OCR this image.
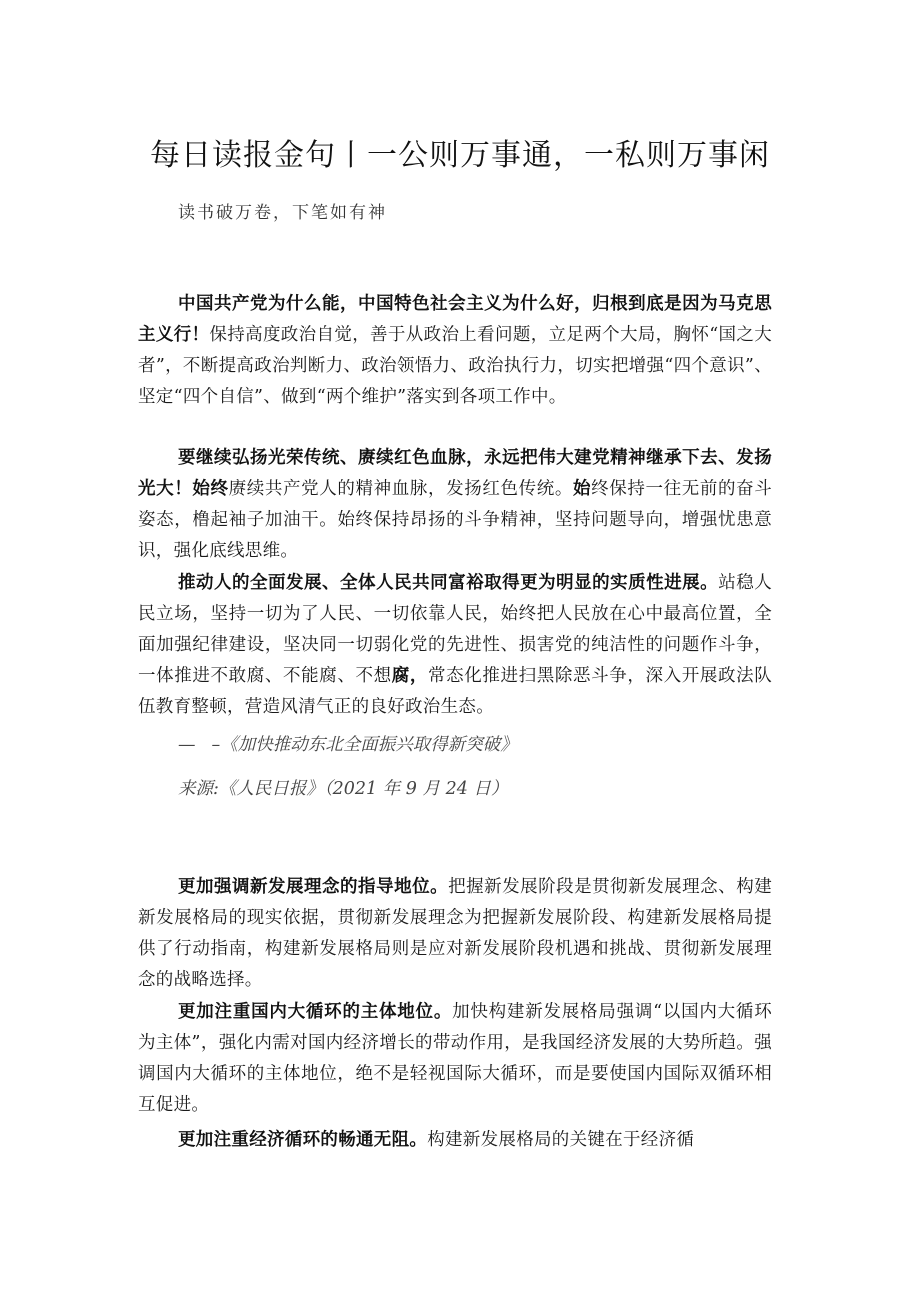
每日读报金句丨一公则万事通，一私则万事闲

读书破万卷，下笔如有神

中国共产党为什么能，中国特色社会主义为什么好，归根到底是因为马克思主义行！保持高度政治自觉，善于从政治上看问题，立足两个大局，胸怀“国之大者”，不断提高政治判断力、政治领悟力、政治执行力，切实把增强“四个意识”、坚定“四个自信”、做到“两个维护”落实到各项工作中。

要继续弘扬光荣传统、赓续红色血脉，永远把伟大建党精神继承下去、发扬光大！始终赓续共产党人的精神血脉，发扬红色传统。始终保持一往无前的奋斗姿态，橹起袖子加油干。始终保持昂扬的斗争精神，坚持问题导向，增强忧患意识，强化底线思维。

推动人的全面发展、全体人民共同富裕取得更为明显的实质性进展。站稳人民立场，坚持一切为了人民、一切依靠人民，始终把人民放在心中最高位置，全面加强纪律建设，坚决同一切弱化党的先进性、损害党的纯洁性的问题作斗争，一体推进不敢腐、不能腐、不想腐，常态化推进扫黑除恶斗争，深入开展政法队伍教育整顿，营造风清气正的良好政治生态。

— –《加快推动东北全面振兴取得新突破》

来源:《人民日报》（2021 年 9 月 24 日）

更加强调新发展理念的指导地位。把握新发展阶段是贯彻新发展理念、构建新发展格局的现实依据，贯彻新发展理念为把握新发展阶段、构建新发展格局提供了行动指南，构建新发展格局则是应对新发展阶段机遇和挑战、贯彻新发展理念的战略选择。

更加注重国内大循环的主体地位。加快构建新发展格局强调“以国内大循环为主体”，强化内需对国内经济增长的带动作用，是我国经济发展的大势所趋。强调国内大循环的主体地位，绝不是轻视国际大循环，而是要使国内国际双循环相互促进。

更加注重经济循环的畅通无阻。构建新发展格局的关键在于经济循
